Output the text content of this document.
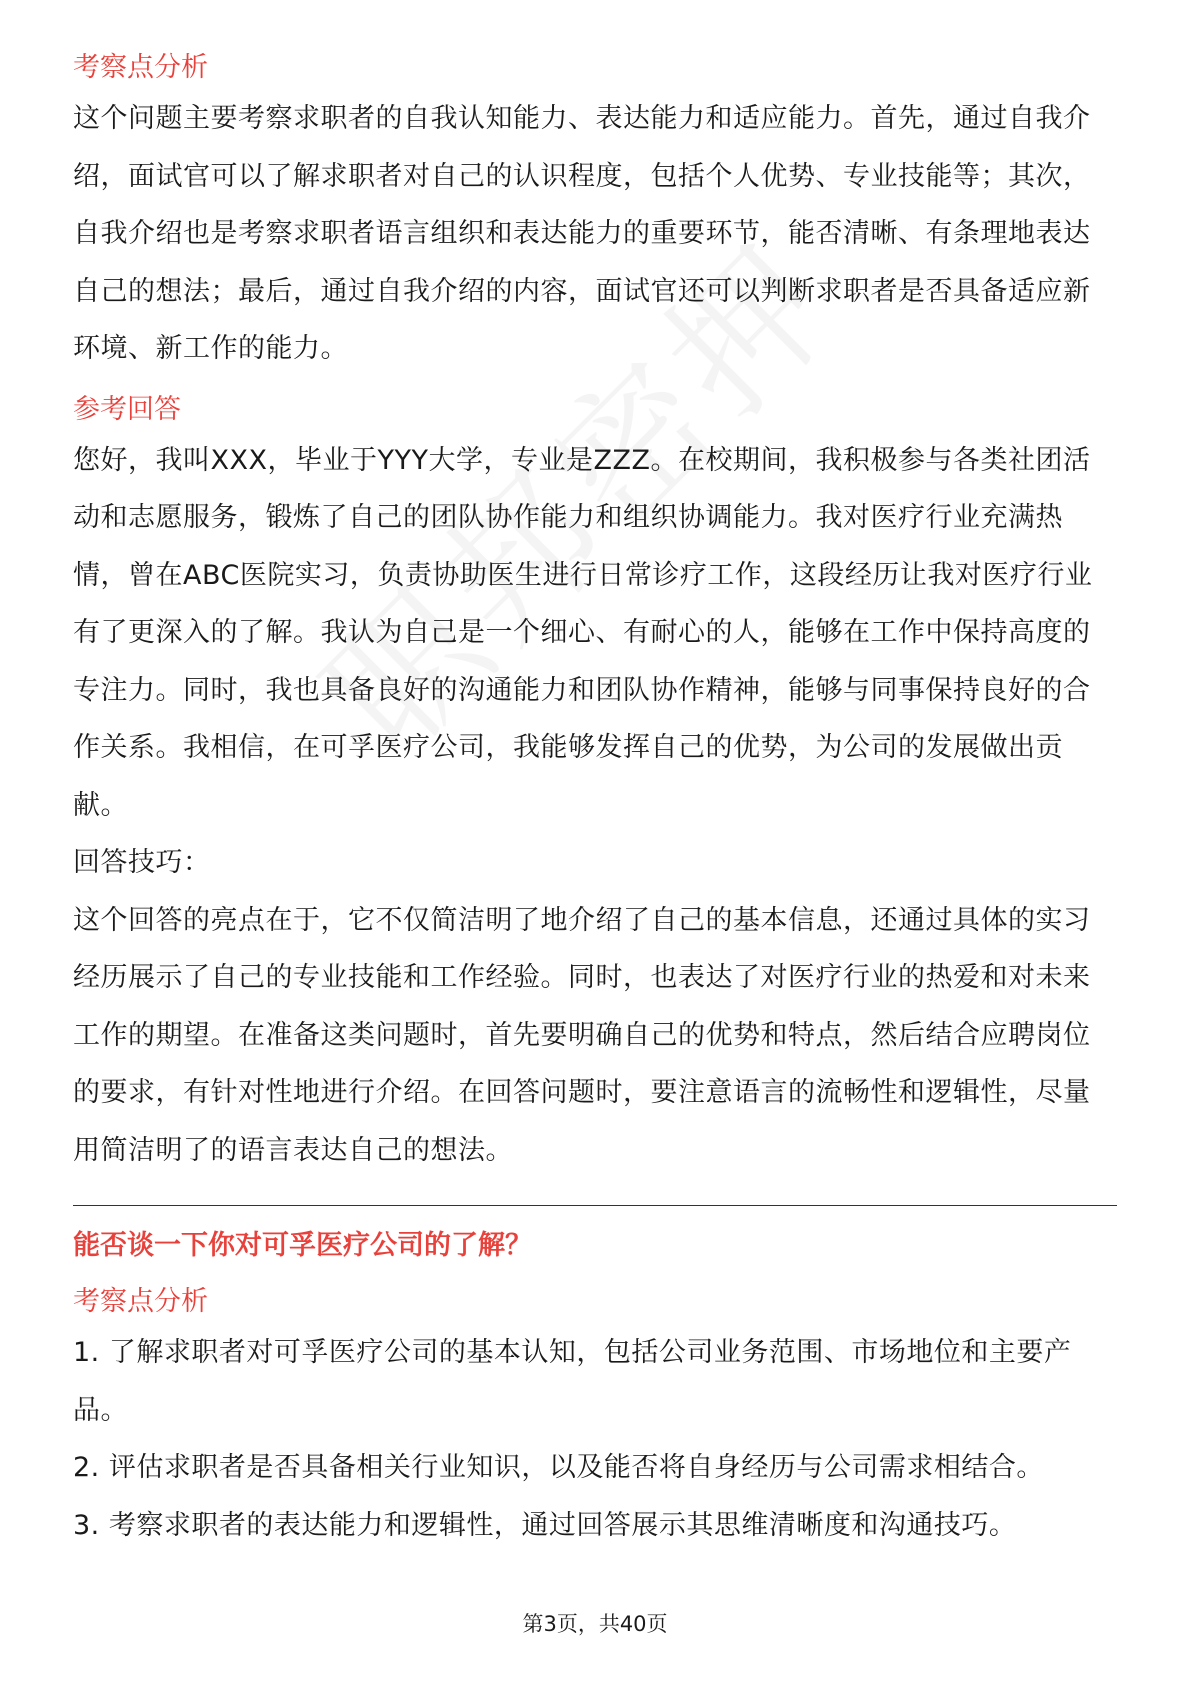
考察点分析

这个问题主要考察求职者的自我认知能力、表达能力和适应能力。首先，通过自我介绍，面试官可以了解求职者对自己的认识程度，包括个人优势、专业技能等；其次，自我介绍也是考察求职者语言组织和表达能力的重要环节，能否清晰、有条理地表达自己的想法；最后，通过自我介绍的内容，面试官还可以判断求职者是否具备适应新环境、新工作的能力。

参考回答

您好，我叫XXX，毕业于YYY大学，专业是ZZZ。在校期间，我积极参与各类社团活动和志愿服务，锻炼了自己的团队协作能力和组织协调能力。我对医疗行业充满热情，曾在ABC医院实习，负责协助医生进行日常诊疗工作，这段经历让我对医疗行业有了更深入的了解。我认为自己是一个细心、有耐心的人，能够在工作中保持高度的专注力。同时，我也具备良好的沟通能力和团队协作精神，能够与同事保持良好的合作关系。我相信，在可孚医疗公司，我能够发挥自己的优势，为公司的发展做出贡献。

回答技巧：

这个回答的亮点在于，它不仅简洁明了地介绍了自己的基本信息，还通过具体的实习经历展示了自己的专业技能和工作经验。同时，也表达了对医疗行业的热爱和对未来工作的期望。在准备这类问题时，首先要明确自己的优势和特点，然后结合应聘岗位的要求，有针对性地进行介绍。在回答问题时，要注意语言的流畅性和逻辑性，尽量用简洁明了的语言表达自己的想法。

能否谈一下你对可孚医疗公司的了解？
考察点分析

1. 了解求职者对可孚医疗公司的基本认知，包括公司业务范围、市场地位和主要产品。

2. 评估求职者是否具备相关行业知识，以及能否将自身经历与公司需求相结合。

3. 考察求职者的表达能力和逻辑性，通过回答展示其思维清晰度和沟通技巧。

第3页，共40页
